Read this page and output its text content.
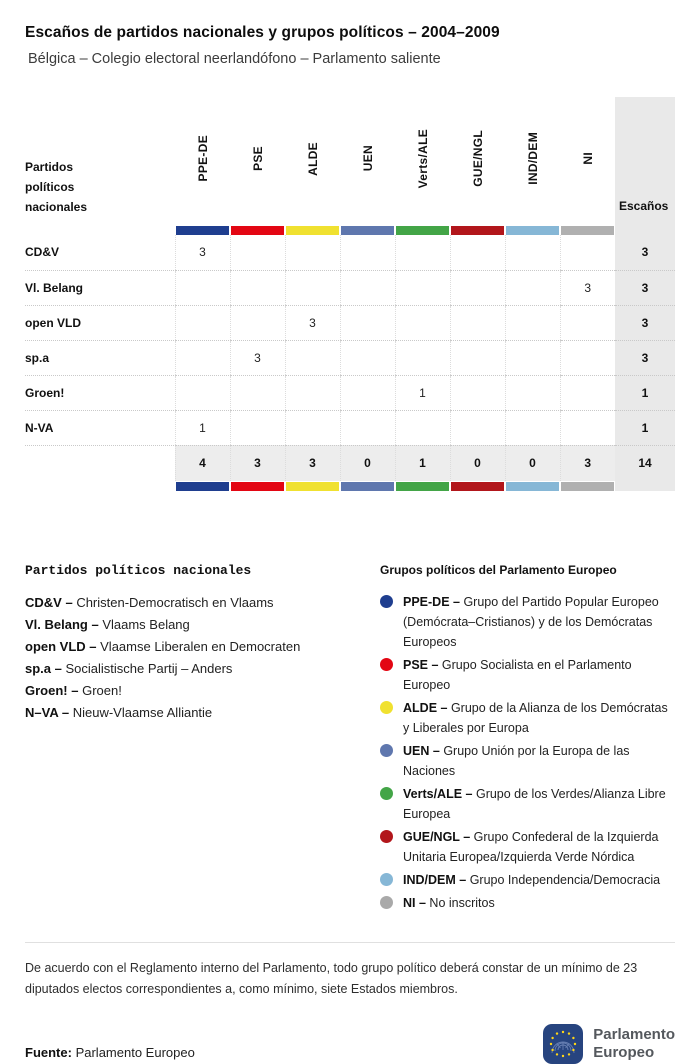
Escaños de partidos nacionales y grupos políticos – 2004–2009
Bélgica – Colegio electoral neerlandófono – Parlamento saliente
Partidos políticos nacionales	PPE-DE	PSE	ALDE	UEN	Verts/ALE	GUE/NGL	IND/DEM	NI	Escaños

CD&V	3								3
Vl. Belang								3	3
open VLD			3						3
sp.a		3							3
Groen!					1				1
N-VA	1								1
	4	3	3	0	1	0	0	3	14

Partidos políticos nacionales
CD&V – Christen-Democratisch en Vlaams
Vl. Belang – Vlaams Belang
open VLD – Vlaamse Liberalen en Democraten
sp.a – Socialistische Partij – Anders
Groen! – Groen!
N–VA – Nieuw-Vlaamse Alliantie
Grupos políticos del Parlamento Europeo
PPE-DE – Grupo del Partido Popular Europeo (Demócrata–Cristianos) y de los Demócratas Europeos
PSE – Grupo Socialista en el Parlamento Europeo
ALDE – Grupo de la Alianza de los Demócratas y Liberales por Europa
UEN – Grupo Unión por la Europa de las Naciones
Verts/ALE – Grupo de los Verdes/Alianza Libre Europea
GUE/NGL – Grupo Confederal de la Izquierda Unitaria Europea/Izquierda Verde Nórdica
IND/DEM – Grupo Independencia/Democracia
NI – No inscritos
De acuerdo con el Reglamento interno del Parlamento, todo grupo político deberá constar de un mínimo de 23 diputados electos correspondientes a, como mínimo, siete Estados miembros.
Fuente: Parlamento Europeo
Parlamento
Europeo
